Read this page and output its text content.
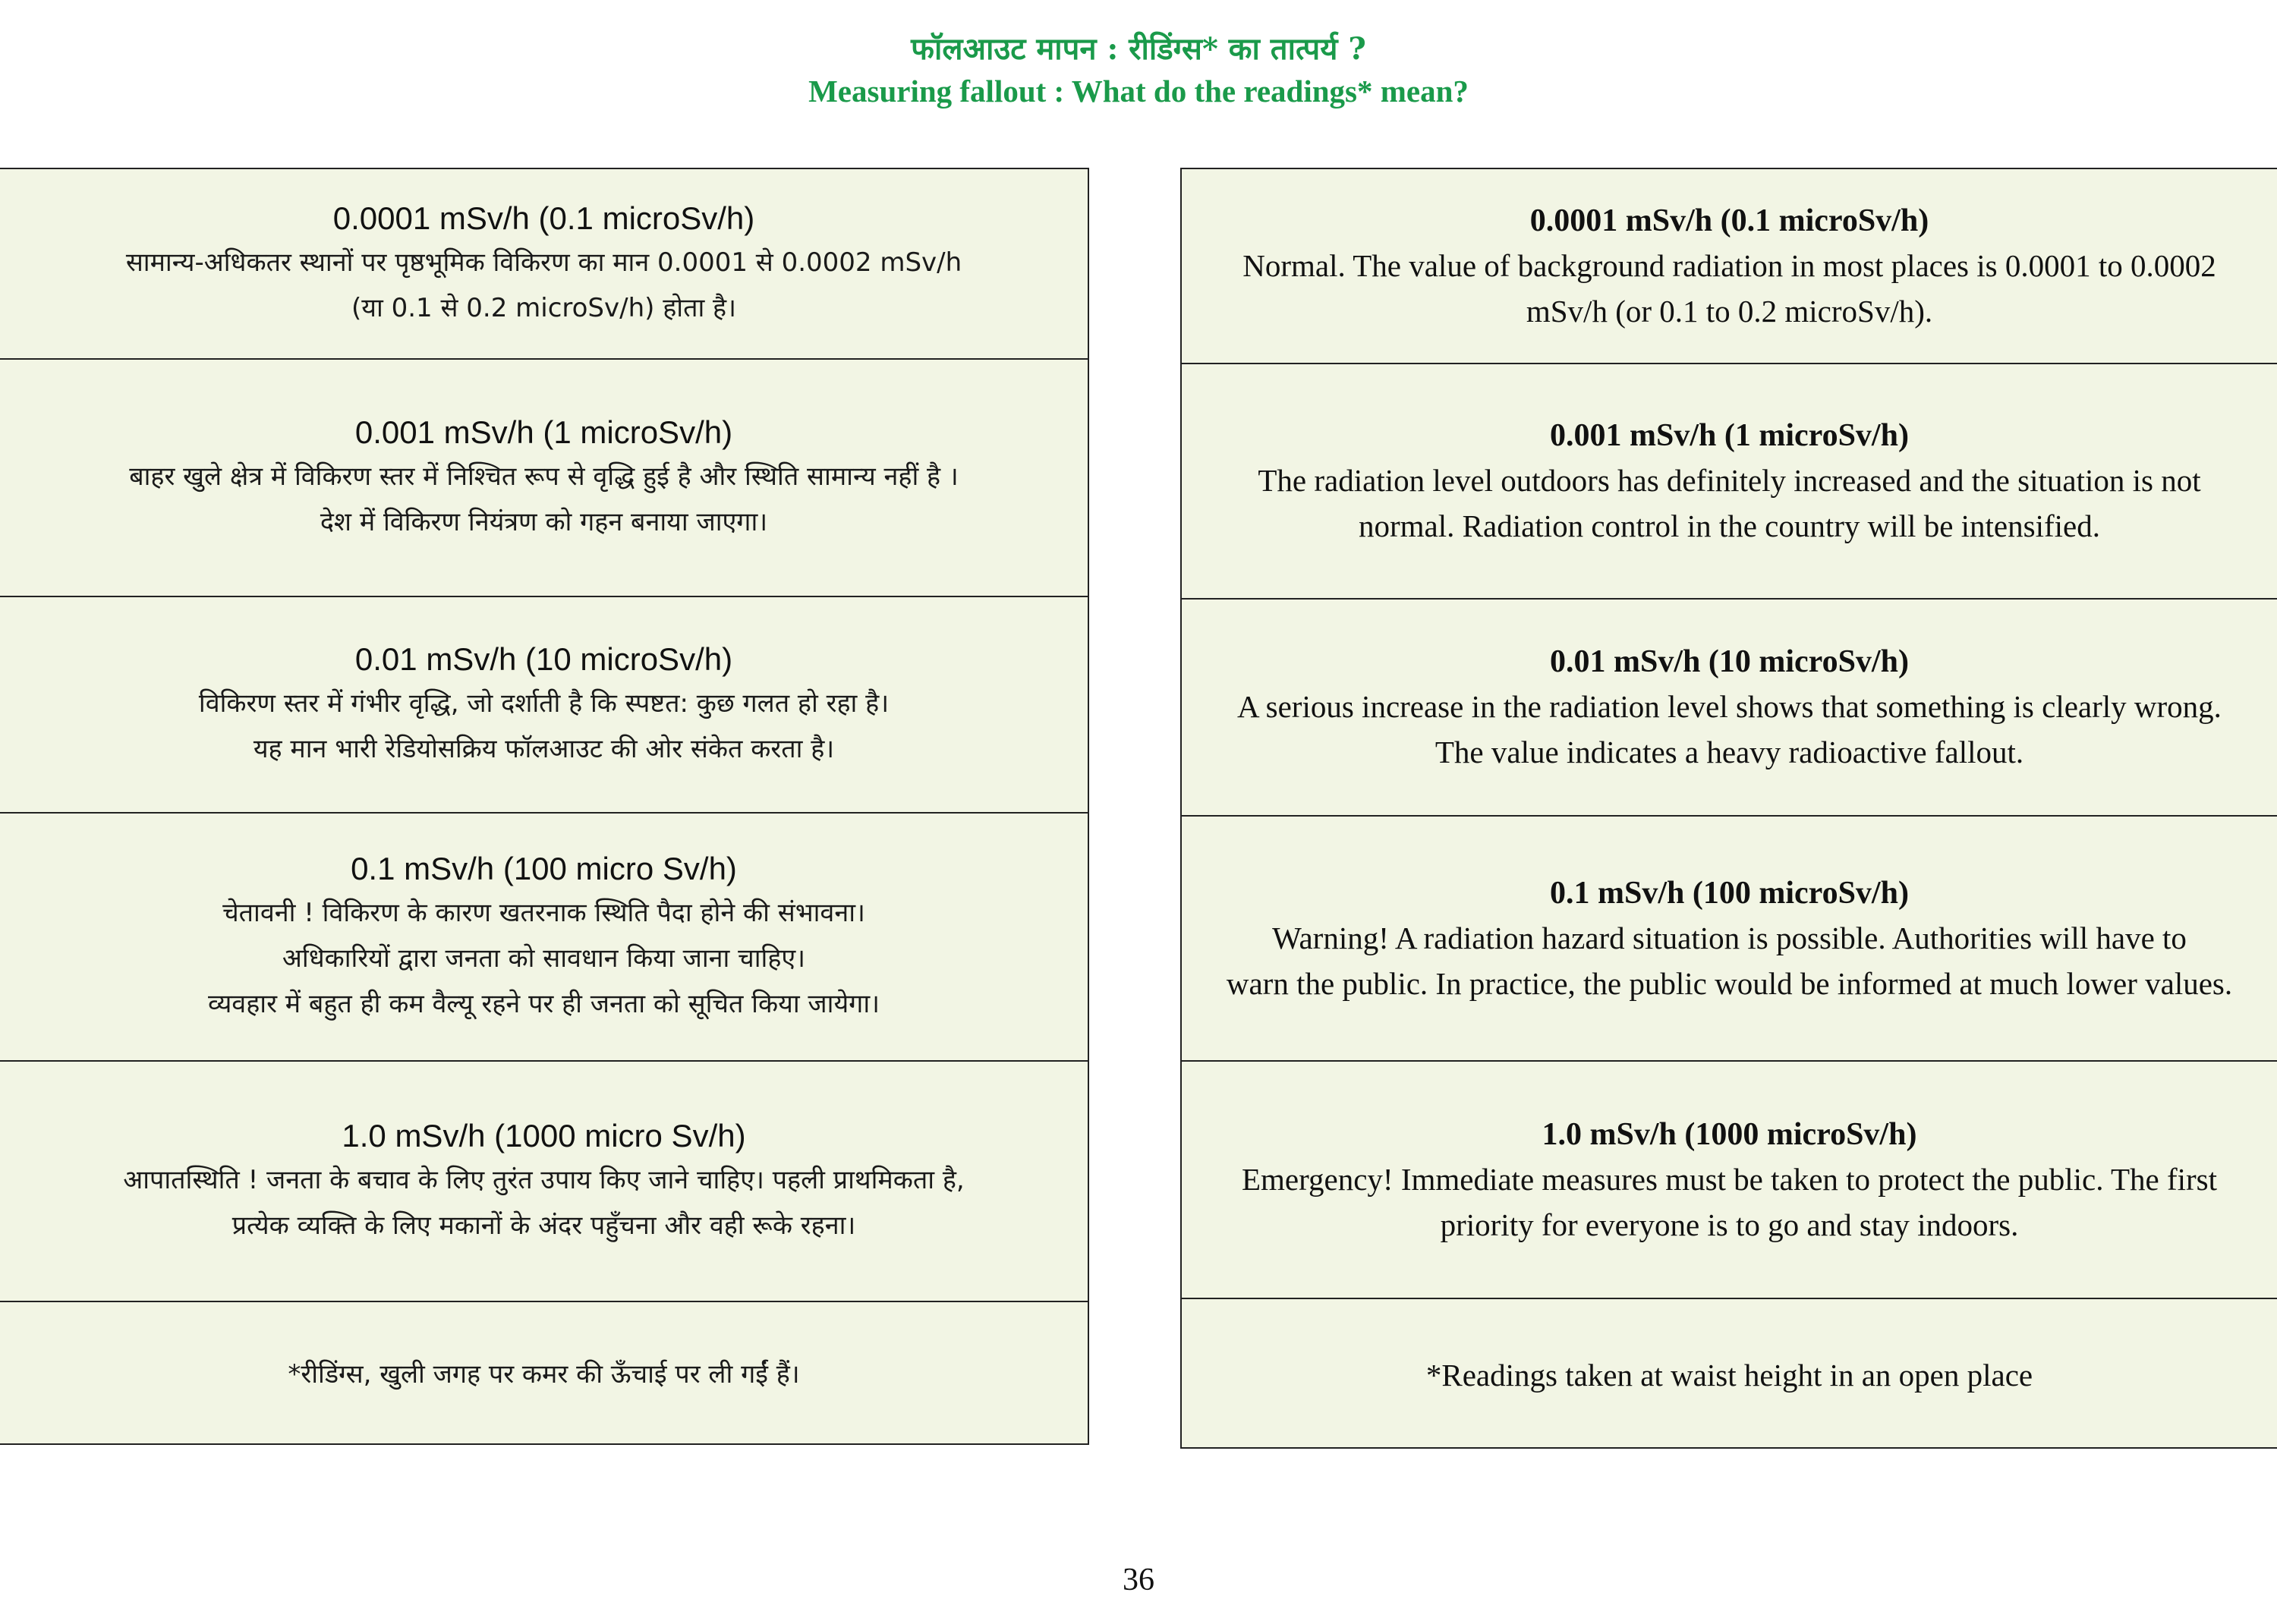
फॉलआउट मापन : रीडिंग्स* का तात्पर्य ?
Measuring fallout : What do the readings* mean?
0.0001 mSv/h (0.1 microSv/h)
सामान्य-अधिकतर स्थानों पर पृष्ठभूमिक विकिरण का मान 0.0001 से 0.0002 mSv/h
(या 0.1 से 0.2 microSv/h) होता है।
0.001 mSv/h (1 microSv/h)
बाहर खुले क्षेत्र में विकिरण स्तर में निश्चित रूप से वृद्धि हुई है और स्थिति सामान्य नहीं है ।
देश में विकिरण नियंत्रण को गहन बनाया जाएगा।
0.01 mSv/h (10 microSv/h)
विकिरण स्तर में गंभीर वृद्धि, जो दर्शाती है कि स्पष्टत: कुछ गलत हो रहा है।
यह मान भारी रेडियोसक्रिय फॉलआउट की ओर संकेत करता है।
0.1 mSv/h (100 micro Sv/h)
चेतावनी ! विकिरण के कारण खतरनाक स्थिति पैदा होने की संभावना।
अधिकारियों द्वारा जनता को सावधान किया जाना चाहिए।
व्यवहार में बहुत ही कम वैल्यू रहने पर ही जनता को सूचित किया जायेगा।
1.0 mSv/h (1000 micro Sv/h)
आपातस्थिति ! जनता के बचाव के लिए तुरंत उपाय किए जाने चाहिए। पहली प्राथमिकता है,
प्रत्येक व्यक्ति के लिए मकानों के अंदर पहुँचना और वही रूके रहना।
*रीडिंग्स, खुली जगह पर कमर की ऊँचाई पर ली गईं हैं।
0.0001 mSv/h (0.1 microSv/h)
Normal. The value of background radiation in most places is 0.0001 to 0.0002
mSv/h (or 0.1 to 0.2 microSv/h).
0.001 mSv/h (1 microSv/h)
The radiation level outdoors has definitely increased and the situation is not
normal. Radiation control in the country will be intensified.
0.01 mSv/h (10 microSv/h)
A serious increase in the radiation level shows that something is clearly wrong.
The value indicates a heavy radioactive fallout.
0.1 mSv/h (100 microSv/h)
Warning! A radiation hazard situation is possible. Authorities will have to
warn the public. In practice, the public would be informed at much lower values.
1.0 mSv/h (1000 microSv/h)
Emergency! Immediate measures must be taken to protect the public. The first
priority for everyone is to go and stay indoors.
*Readings taken at waist height in an open place
36
